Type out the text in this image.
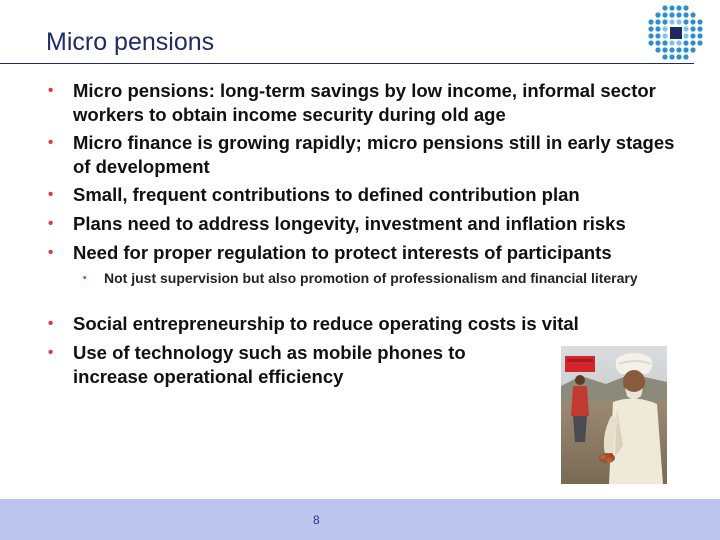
Micro pensions
• Micro pensions: long-term savings by low income, informal sector workers to obtain income security during old age
• Micro finance is growing rapidly; micro pensions still in early stages of development
• Small, frequent contributions to defined contribution plan
• Plans need to address longevity, investment and inflation risks
• Need for proper regulation to protect interests of participants
• Not just supervision but also promotion of professionalism and financial literary
• Social entrepreneurship to reduce operating costs is vital
• Use of technology such as mobile phones to increase operational efficiency
8
